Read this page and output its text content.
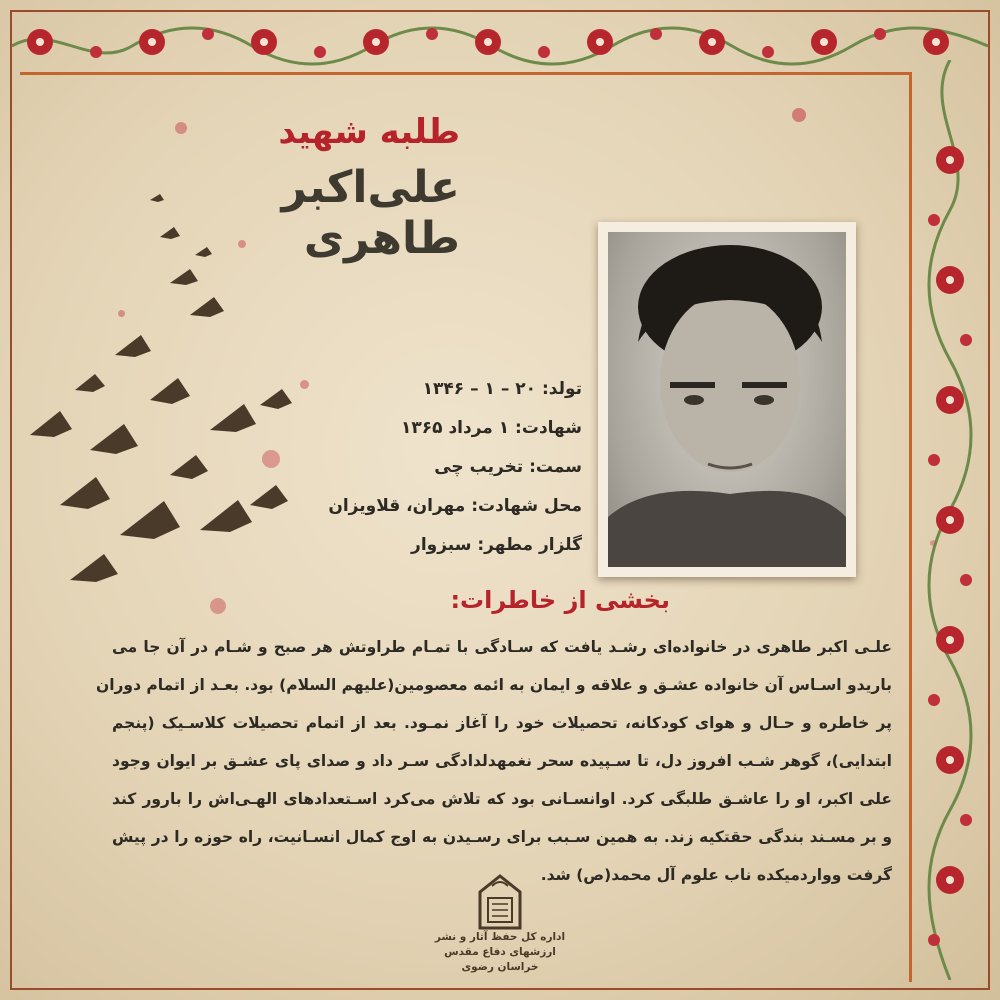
طلبه شهید
علی‌اکبر طاهری
تولد: ۲۰ – ۱ – ۱۳۴۶
شهادت: ۱ مرداد ۱۳۶۵
سمت: تخریب چی
محل شهادت: مهران، قلاویزان
گلزار مطهر: سبزوار
بخشی از خاطرات:
علـی اکبر طاهری در خانواده‌ای رشـد یافت که سـادگی با تمـام طراوتش هر صبح و شـام در آن جا می
باریدو اسـاس آن خانواده عشـق و علاقه و ایمان به ائمه معصومین(علیهم السلام) بود. بعـد از اتمام دوران
پر خاطره و حـال و هوای کودکانه، تحصیلات خود را آغاز نمـود. بعد از اتمام تحصیلات کلاسـیک (پنجم
ابتدایی)، گوهر شـب افروز دل، تا سـپیده سحر نغمهدلدادگی سـر داد و صدای پای عشـق بر ایوان وجود
علی اکبر، او را عاشـق طلبگی کرد. اوانسـانی بود که تلاش می‌کرد اسـتعدادهای الهـی‌اش را بارور کند
و بر مسـند بندگی حقتکیه زند. به همین سـبب برای رسـیدن به اوج کمال انسـانیت، راه حوزه را در پیش
گرفت وواردمیکده ناب علوم آل محمد(ص) شد.
اداره کل حفظ آثار و نشر
ارزشهای دفاع مقدس
خراسان رضوی
